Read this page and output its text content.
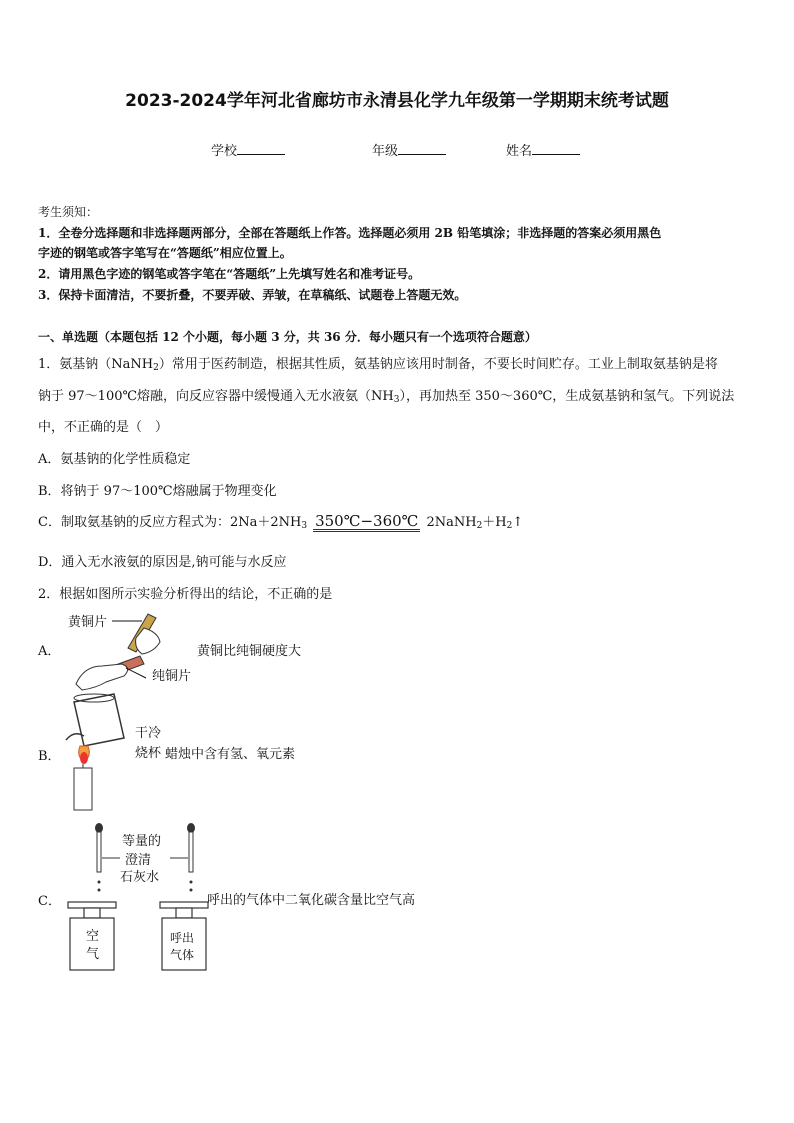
2023-2024学年河北省廊坊市永清县化学九年级第一学期期末统考试题
学校	年级	姓名
考生须知：
1．全卷分选择题和非选择题两部分，全部在答题纸上作答。选择题必须用 2B 铅笔填涂；非选择题的答案必须用黑色
字迹的钢笔或答字笔写在“答题纸”相应位置上。
2．请用黑色字迹的钢笔或答字笔在“答题纸”上先填写姓名和准考证号。
3．保持卡面清洁，不要折叠，不要弄破、弄皱，在草稿纸、试题卷上答题无效。
一、单选题（本题包括 12 个小题，每小题 3 分，共 36 分．每小题只有一个选项符合题意）
1．氨基钠（NaNH$_2$）常用于医药制造，根据其性质，氨基钠应该用时制备，不要长时间贮存。工业上制取氨基钠是将
钠于 97～100℃熔融，向反应容器中缓慢通入无水液氨$(NH_3)$，再加热至 350～360℃，生成氨基钠和氢气。下列说法
中，不正确的是（　）
A．氨基钠的化学性质稳定
B．将钠于 97～100℃熔融属于物理变化
C．制取氨基钠的反应方程式为：$2Na+2NH_3$ 350℃−360℃ $2NaNH_2+H_2↑$
D．通入无水液氨的原因是,钠可能与水反应
2．根据如图所示实验分析得出的结论，不正确的是
A．
黄铜片
纯铜片
黄铜比纯铜硬度大
B．
干冷
烧杯 蜡烛中含有氢、氧元素
C．
空
气
呼出
气体
等量的
澄清
石灰水
呼出的气体中二氧化碳含量比空气高
